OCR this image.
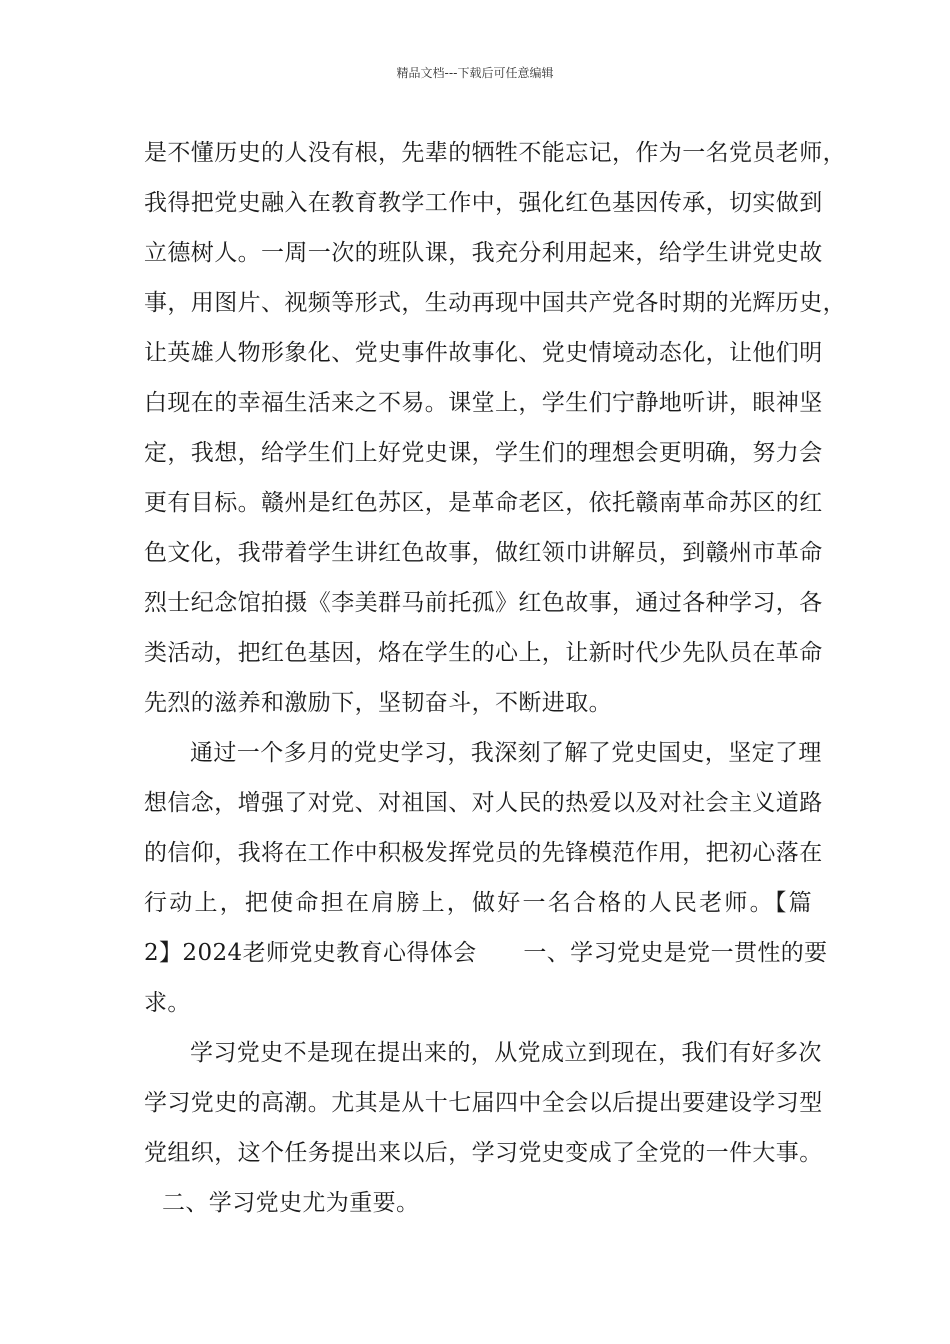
精品文档---下载后可任意编辑

是不懂历史的人没有根，先辈的牺牲不能忘记，作为一名党员老师，
我得把党史融入在教育教学工作中，强化红色基因传承，切实做到
立德树人。一周一次的班队课，我充分利用起来，给学生讲党史故
事，用图片、视频等形式，生动再现中国共产党各时期的光辉历史，
让英雄人物形象化、党史事件故事化、党史情境动态化，让他们明
白现在的幸福生活来之不易。课堂上，学生们宁静地听讲，眼神坚
定，我想，给学生们上好党史课，学生们的理想会更明确，努力会
更有目标。赣州是红色苏区，是革命老区，依托赣南革命苏区的红
色文化，我带着学生讲红色故事，做红领巾讲解员，到赣州市革命
烈士纪念馆拍摄《李美群马前托孤》红色故事，通过各种学习，各
类活动，把红色基因，烙在学生的心上，让新时代少先队员在革命
先烈的滋养和激励下，坚韧奋斗，不断进取。

通过一个多月的党史学习，我深刻了解了党史国史，坚定了理
想信念，增强了对党、对祖国、对人民的热爱以及对社会主义道路
的信仰，我将在工作中积极发挥党员的先锋模范作用，把初心落在
行动上，把使命担在肩膀上，做好一名合格的人民老师。【篇
2】2024老师党史教育心得体会　　一、学习党史是党一贯性的要
求。

学习党史不是现在提出来的，从党成立到现在，我们有好多次
学习党史的高潮。尤其是从十七届四中全会以后提出要建设学习型
党组织，这个任务提出来以后，学习党史变成了全党的一件大事。

二、学习党史尤为重要。
